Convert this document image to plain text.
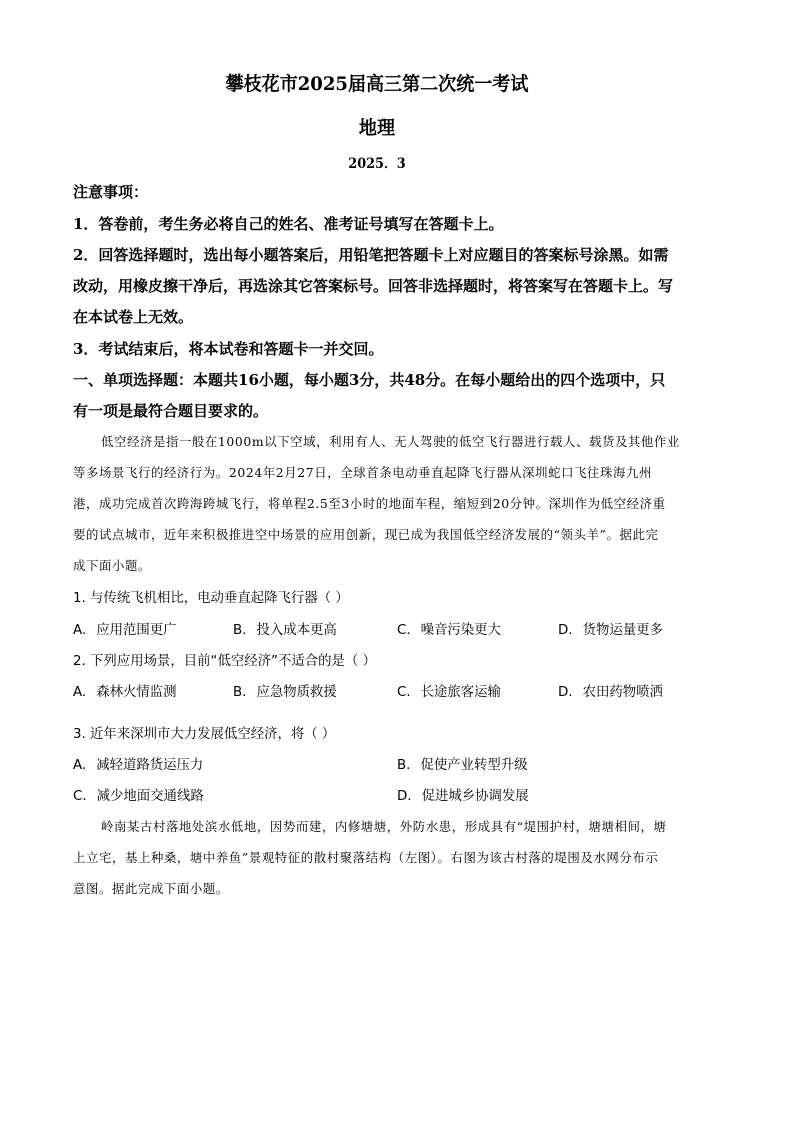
攀枝花市2025届高三第二次统一考试
地理
2025．3
注意事项：
1．答卷前，考生务必将自己的姓名、准考证号填写在答题卡上。
2．回答选择题时，选出每小题答案后，用铅笔把答题卡上对应题目的答案标号涂黑。如需
改动，用橡皮擦干净后，再选涂其它答案标号。回答非选择题时，将答案写在答题卡上。写
在本试卷上无效。
3．考试结束后，将本试卷和答题卡一并交回。
一、单项选择题：本题共16小题，每小题3分，共48分。在每小题给出的四个选项中，只
有一项是最符合题目要求的。
低空经济是指一般在1000m以下空域，利用有人、无人驾驶的低空飞行器进行载人、载货及其他作业
等多场景飞行的经济行为。2024年2月27日，全球首条电动垂直起降飞行器从深圳蛇口飞往珠海九州
港，成功完成首次跨海跨城飞行，将单程2.5至3小时的地面车程，缩短到20分钟。深圳作为低空经济重
要的试点城市，近年来积极推进空中场景的应用创新，现已成为我国低空经济发展的“领头羊”。据此完
成下面小题。
1. 与传统飞机相比，电动垂直起降飞行器（ ）
A. 应用范围更广	B. 投入成本更高	C. 噪音污染更大	D. 货物运量更多
2. 下列应用场景，目前“低空经济”不适合的是（ ）
A. 森林火情监测	B. 应急物质救援	C. 长途旅客运输	D. 农田药物喷洒
3. 近年来深圳市大力发展低空经济，将（ ）
A. 减轻道路货运压力	B. 促使产业转型升级
C. 减少地面交通线路	D. 促进城乡协调发展
岭南某古村落地处滨水低地，因势而建，内修塘塘，外防水患，形成具有“堤围护村，塘塘相间，塘
上立宅，基上种桑，塘中养鱼”景观特征的散村聚落结构（左图）。右图为该古村落的堤围及水网分布示
意图。据此完成下面小题。
